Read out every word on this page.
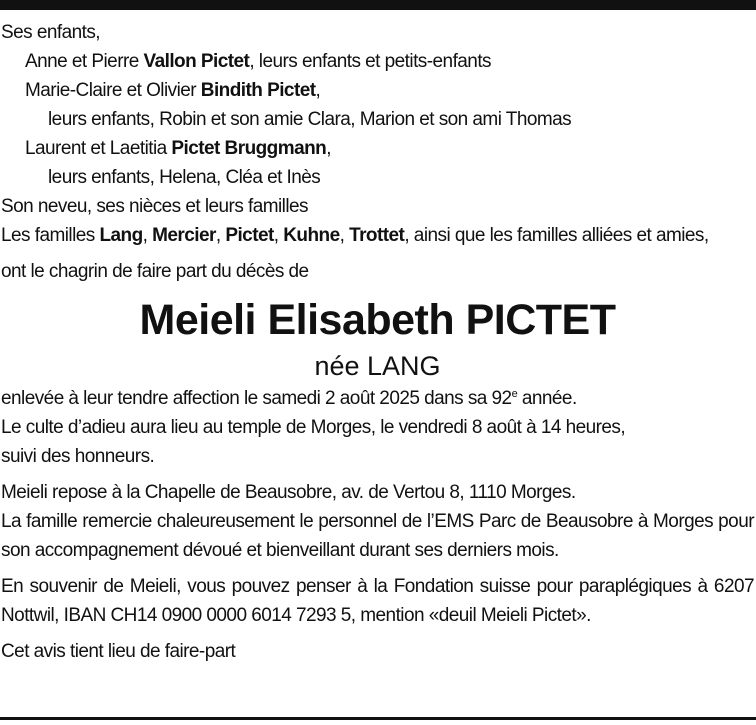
Ses enfants,
Anne et Pierre Vallon Pictet, leurs enfants et petits-enfants
Marie-Claire et Olivier Bindith Pictet,
leurs enfants, Robin et son amie Clara, Marion et son ami Thomas
Laurent et Laetitia Pictet Bruggmann,
leurs enfants, Helena, Cléa et Inès
Son neveu, ses nièces et leurs familles
Les familles Lang, Mercier, Pictet, Kuhne, Trottet, ainsi que les familles alliées et amies,
ont le chagrin de faire part du décès de
Meieli Elisabeth PICTET
née LANG
enlevée à leur tendre affection le samedi 2 août 2025 dans sa 92e année.
Le culte d’adieu aura lieu au temple de Morges, le vendredi 8 août à 14 heures,
suivi des honneurs.
Meieli repose à la Chapelle de Beausobre, av. de Vertou 8, 1110 Morges.
La famille remercie chaleureusement le personnel de l’EMS Parc de Beausobre à Morges pour son accompagnement dévoué et bienveillant durant ses derniers mois.
En souvenir de Meieli, vous pouvez penser à la Fondation suisse pour paraplégiques à 6207 Nottwil, IBAN CH14 0900 0000 6014 7293 5, mention «deuil Meieli Pictet».
Cet avis tient lieu de faire-part
